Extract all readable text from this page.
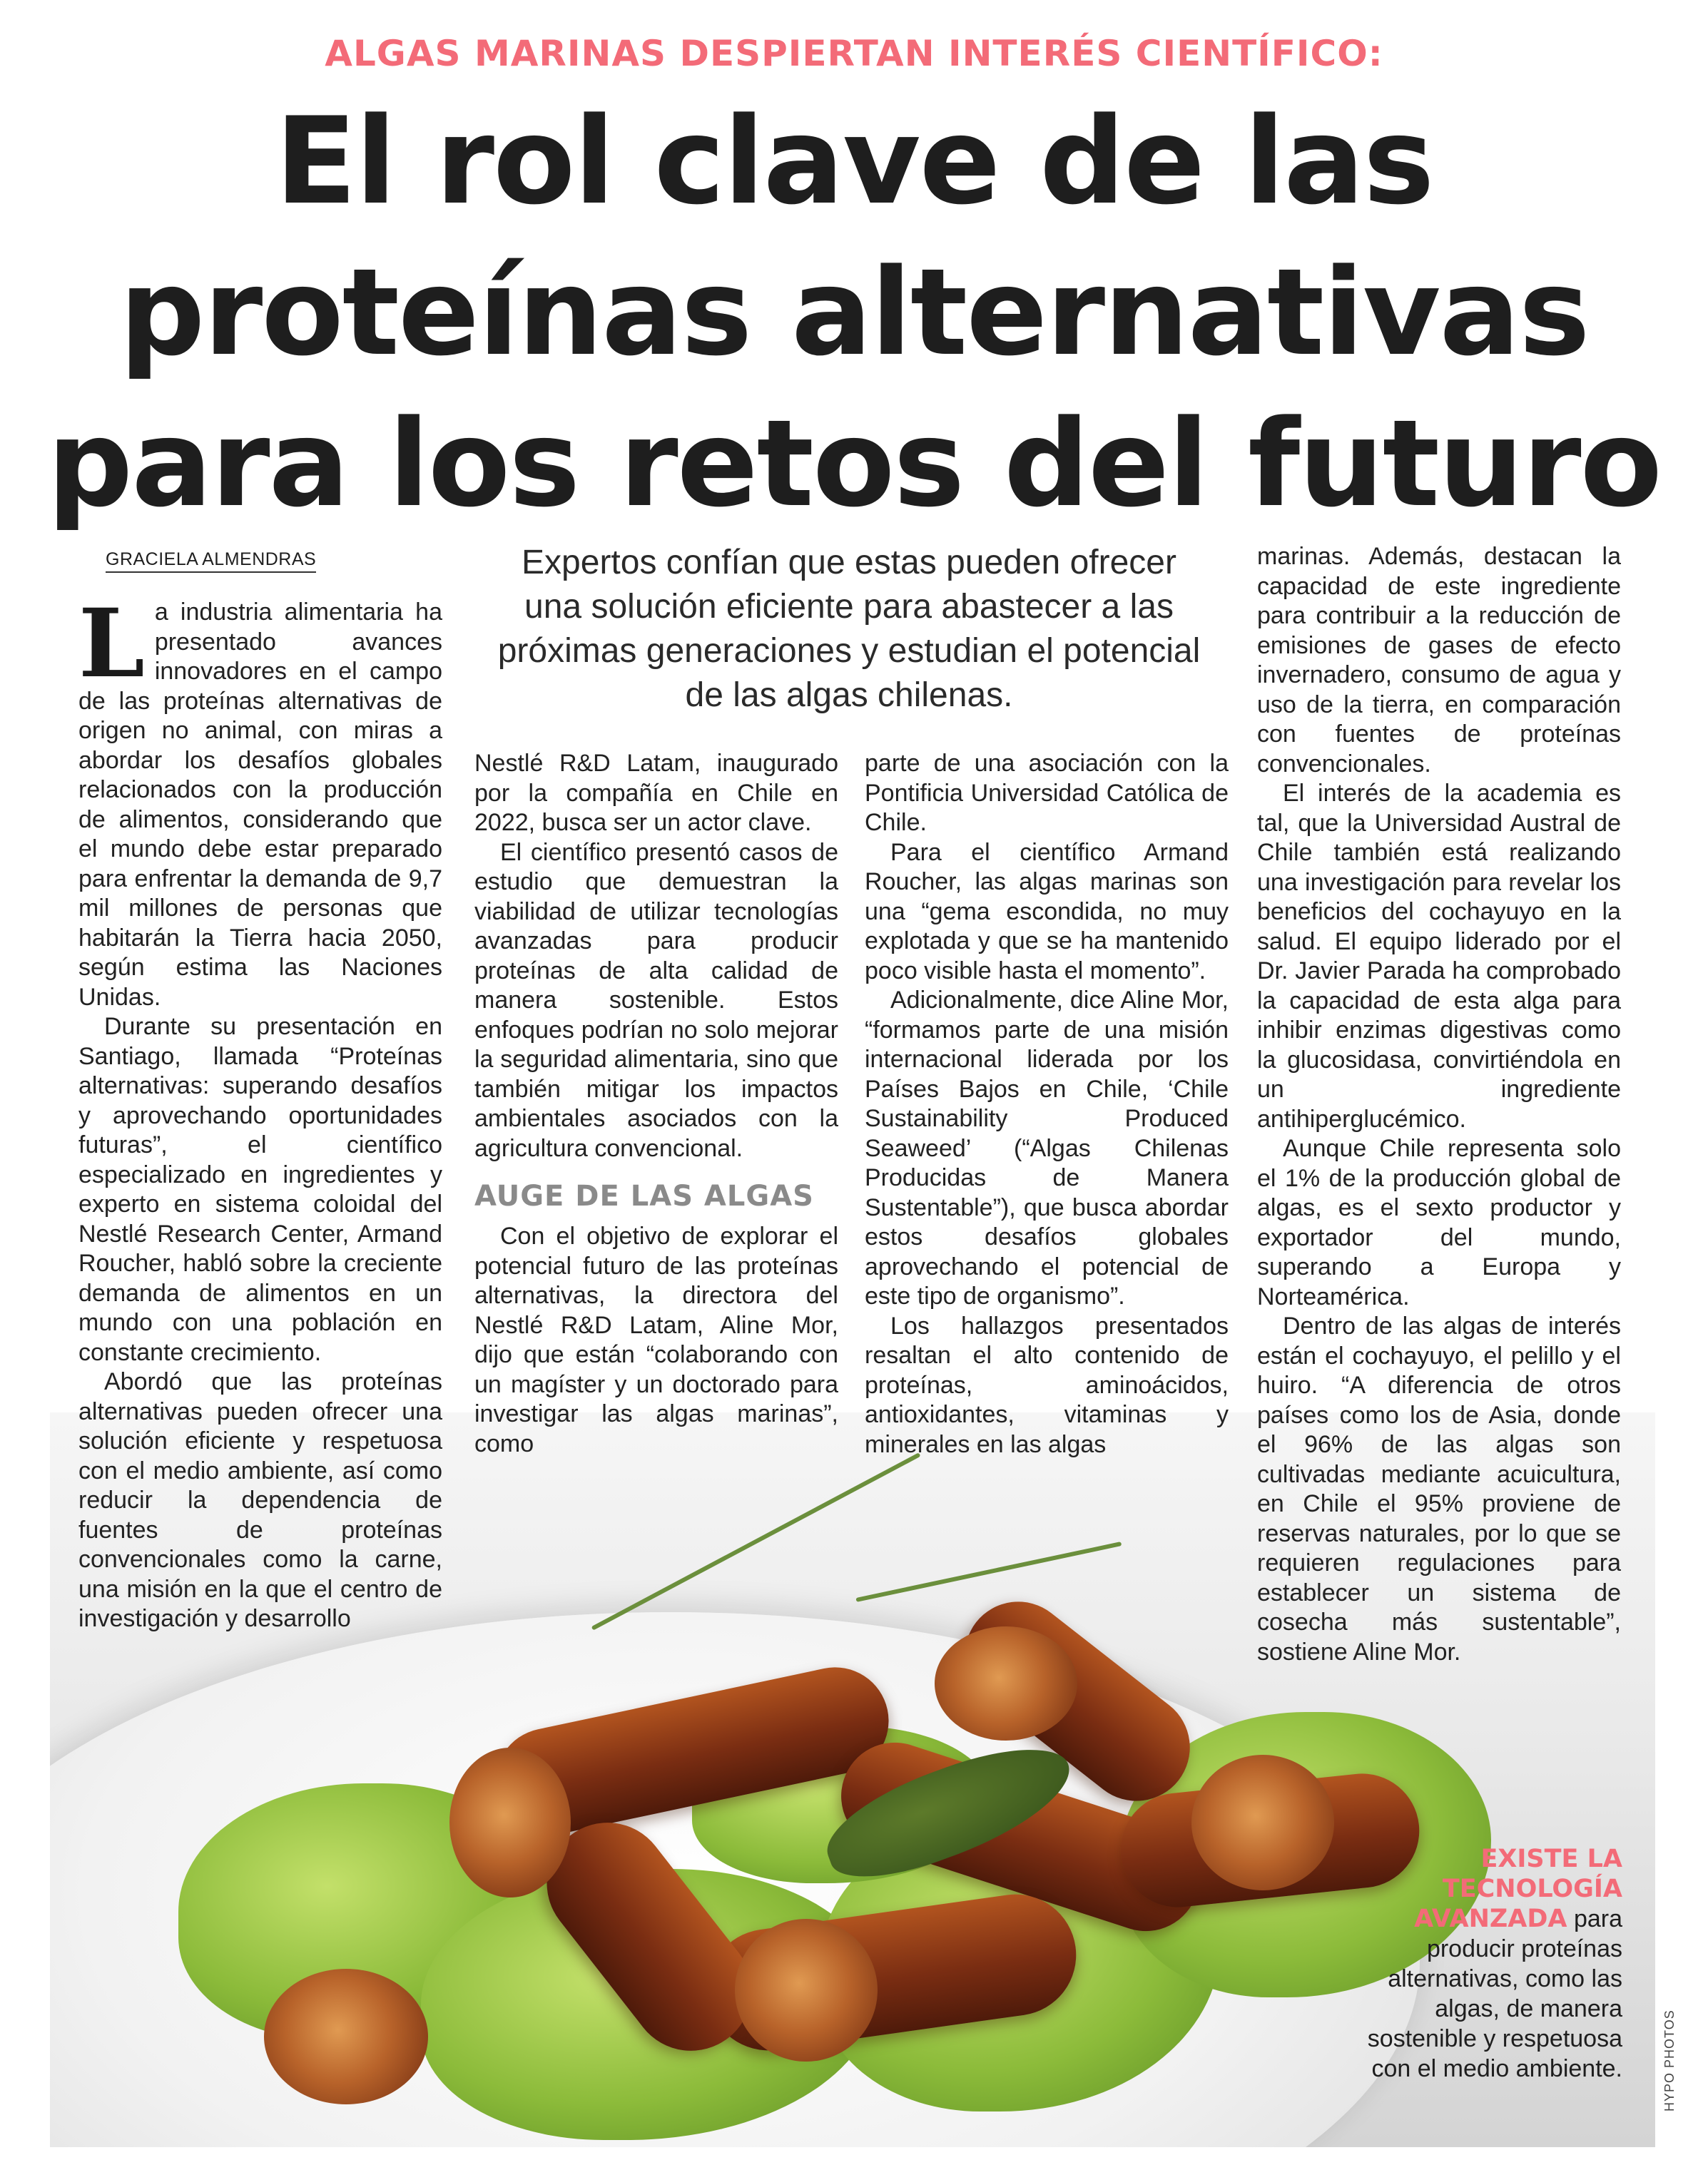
ALGAS MARINAS DESPIERTAN INTERÉS CIENTÍFICO:
El rol clave de las
proteínas alternativas
para los retos del futuro
GRACIELA ALMENDRAS	Expertos confían que estas pueden ofrecer una solución eficiente para abastecer a las próximas generaciones y estudian el potencial de las algas chilenas.
L a industria alimentaria ha presentado avances innovadores en el campo de las proteínas alternativas de origen no animal, con miras a abordar los desafíos globales relacionados con la producción de alimentos, considerando que el mundo debe estar preparado para enfrentar la demanda de 9,7 mil millones de personas que habitarán la Tierra hacia 2050, según estima las Naciones Unidas.

Durante su presentación en Santiago, llamada “Proteínas alternativas: superando desafíos y aprovechando oportunidades futuras”, el científico especializado en ingredientes y experto en sistema coloidal del Nestlé Research Center, Armand Roucher, habló sobre la creciente demanda de alimentos en un mundo con una población en constante crecimiento.

Abordó que las proteínas alternativas pueden ofrecer una solución eficiente y respetuosa con el medio ambiente, así como reducir la dependencia de fuentes de proteínas convencionales como la carne, una misión en la que el centro de investigación y desarrollo

Nestlé R&D Latam, inaugurado por la compañía en Chile en 2022, busca ser un actor clave.

El científico presentó casos de estudio que demuestran la viabilidad de utilizar tecnologías avanzadas para producir proteínas de alta calidad de manera sostenible. Estos enfoques podrían no solo mejorar la seguridad alimentaria, sino que también mitigar los impactos ambientales asociados con la agricultura convencional.

AUGE DE LAS ALGAS

Con el objetivo de explorar el potencial futuro de las proteínas alternativas, la directora del Nestlé R&D Latam, Aline Mor, dijo que están “colaborando con un magíster y un doctorado para investigar las algas marinas”, como

parte de una asociación con la Pontificia Universidad Católica de Chile.

Para el científico Armand Roucher, las algas marinas son una “gema escondida, no muy explotada y que se ha mantenido poco visible hasta el momento”.

Adicionalmente, dice Aline Mor, “formamos parte de una misión internacional liderada por los Países Bajos en Chile, ‘Chile Sustainability Produced Seaweed’ (“Algas Chilenas Producidas de Manera Sustentable”), que busca abordar estos desafíos globales aprovechando el potencial de este tipo de organismo”.

Los hallazgos presentados resaltan el alto contenido de proteínas, aminoácidos, antioxidantes, vitaminas y minerales en las algas

marinas. Además, destacan la capacidad de este ingrediente para contribuir a la reducción de emisiones de gases de efecto invernadero, consumo de agua y uso de la tierra, en comparación con fuentes de proteínas convencionales.

El interés de la academia es tal, que la Universidad Austral de Chile también está realizando una investigación para revelar los beneficios del cochayuyo en la salud. El equipo liderado por el Dr. Javier Parada ha comprobado la capacidad de esta alga para inhibir enzimas digestivas como la glucosidasa, convirtiéndola en un ingrediente antihiperglucémico.

Aunque Chile representa solo el 1% de la producción global de algas, es el sexto productor y exportador del mundo, superando a Europa y Norteamérica.

Dentro de las algas de interés están el cochayuyo, el pelillo y el huiro. “A diferencia de otros países como los de Asia, donde el 96% de las algas son cultivadas mediante acuicultura, en Chile el 95% proviene de reservas naturales, por lo que se requieren regulaciones para establecer un sistema de cosecha más sustentable”, sostiene Aline Mor.

EXISTE LA TECNOLOGÍA AVANZADA para producir proteínas alternativas, como las algas, de manera sostenible y respetuosa con el medio ambiente.	HYPO PHOTOS
